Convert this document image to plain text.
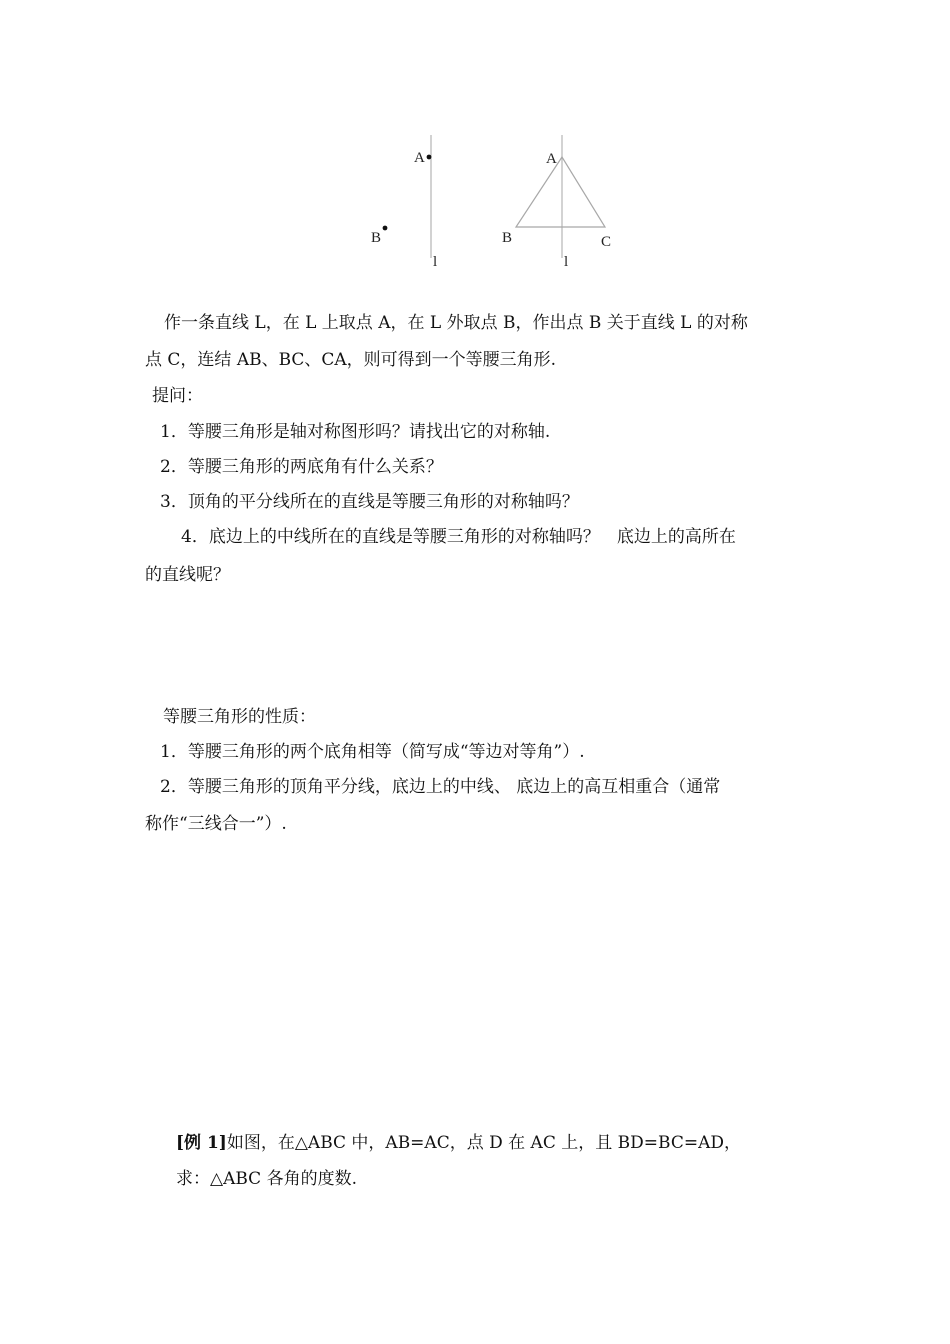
A
B
l
A
B	C
l
作一条直线 L，在 L 上取点 A，在 L 外取点 B，作出点 B 关于直线 L 的对称
点 C，连结 AB、BC、CA，则可得到一个等腰三角形.
提问：
1．等腰三角形是轴对称图形吗？请找出它的对称轴.
2．等腰三角形的两底角有什么关系？
3．顶角的平分线所在的直线是等腰三角形的对称轴吗？
4．底边上的中线所在的直线是等腰三角形的对称轴吗？　底边上的高所在
的直线呢？
等腰三角形的性质：
1．等腰三角形的两个底角相等（简写成“等边对等角”）.
2．等腰三角形的顶角平分线，底边上的中线、 底边上的高互相重合（通常
称作“三线合一”）.
[例 1]如图，在△ABC 中，AB=AC，点 D 在 AC 上，且 BD=BC=AD，
求：△ABC 各角的度数.
